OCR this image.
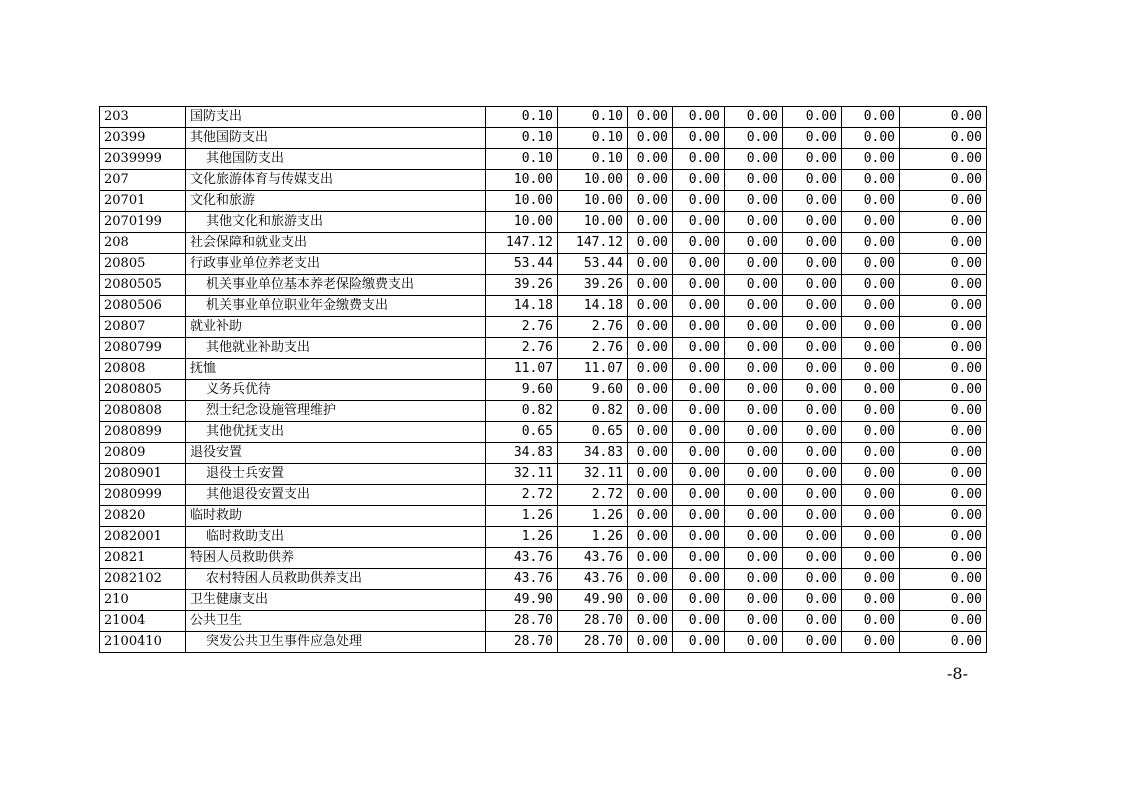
203	国防支出	0.10	0.10	0.00	0.00	0.00	0.00	0.00	0.00
20399	其他国防支出	0.10	0.10	0.00	0.00	0.00	0.00	0.00	0.00
2039999	其他国防支出	0.10	0.10	0.00	0.00	0.00	0.00	0.00	0.00
207	文化旅游体育与传媒支出	10.00	10.00	0.00	0.00	0.00	0.00	0.00	0.00
20701	文化和旅游	10.00	10.00	0.00	0.00	0.00	0.00	0.00	0.00
2070199	其他文化和旅游支出	10.00	10.00	0.00	0.00	0.00	0.00	0.00	0.00
208	社会保障和就业支出	147.12	147.12	0.00	0.00	0.00	0.00	0.00	0.00
20805	行政事业单位养老支出	53.44	53.44	0.00	0.00	0.00	0.00	0.00	0.00
2080505	机关事业单位基本养老保险缴费支出	39.26	39.26	0.00	0.00	0.00	0.00	0.00	0.00
2080506	机关事业单位职业年金缴费支出	14.18	14.18	0.00	0.00	0.00	0.00	0.00	0.00
20807	就业补助	2.76	2.76	0.00	0.00	0.00	0.00	0.00	0.00
2080799	其他就业补助支出	2.76	2.76	0.00	0.00	0.00	0.00	0.00	0.00
20808	抚恤	11.07	11.07	0.00	0.00	0.00	0.00	0.00	0.00
2080805	义务兵优待	9.60	9.60	0.00	0.00	0.00	0.00	0.00	0.00
2080808	烈士纪念设施管理维护	0.82	0.82	0.00	0.00	0.00	0.00	0.00	0.00
2080899	其他优抚支出	0.65	0.65	0.00	0.00	0.00	0.00	0.00	0.00
20809	退役安置	34.83	34.83	0.00	0.00	0.00	0.00	0.00	0.00
2080901	退役士兵安置	32.11	32.11	0.00	0.00	0.00	0.00	0.00	0.00
2080999	其他退役安置支出	2.72	2.72	0.00	0.00	0.00	0.00	0.00	0.00
20820	临时救助	1.26	1.26	0.00	0.00	0.00	0.00	0.00	0.00
2082001	临时救助支出	1.26	1.26	0.00	0.00	0.00	0.00	0.00	0.00
20821	特困人员救助供养	43.76	43.76	0.00	0.00	0.00	0.00	0.00	0.00
2082102	农村特困人员救助供养支出	43.76	43.76	0.00	0.00	0.00	0.00	0.00	0.00
210	卫生健康支出	49.90	49.90	0.00	0.00	0.00	0.00	0.00	0.00
21004	公共卫生	28.70	28.70	0.00	0.00	0.00	0.00	0.00	0.00
2100410	突发公共卫生事件应急处理	28.70	28.70	0.00	0.00	0.00	0.00	0.00	0.00
-8-
